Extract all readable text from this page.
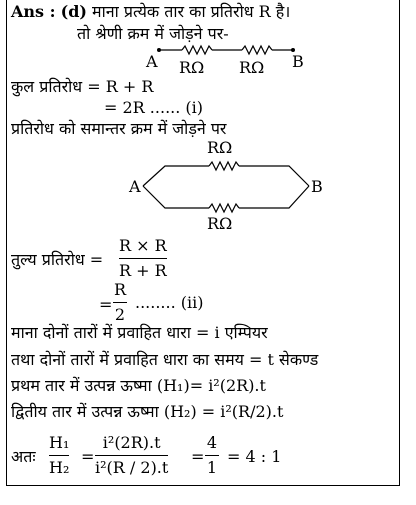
Ans : (d) माना प्रत्येक तार का प्रतिरोध R है।
तो श्रेणी क्रम में जोड़ने पर-
A RΩ RΩ B
कुल प्रतिरोध = R + R
= 2R ...... (i)
प्रतिरोध को समान्तर क्रम में जोड़ने पर
RΩ
A	B
RΩ
तुल्य प्रतिरोध =
R × R
R + R
=
R
2
........ (ii)
माना दोनों तारों में प्रवाहित धारा = i एम्पियर
तथा दोनों तारों में प्रवाहित धारा का समय = t सेकण्ड
प्रथम तार में उत्पन्न ऊष्मा (H₁)= i²(2R).t
द्वितीय तार में उत्पन्न ऊष्मा (H₂) = i²(R/2).t
अतः
H₁
H₂
=
i²(2R).t
i²(R / 2).t
=
4
1
= 4 : 1
